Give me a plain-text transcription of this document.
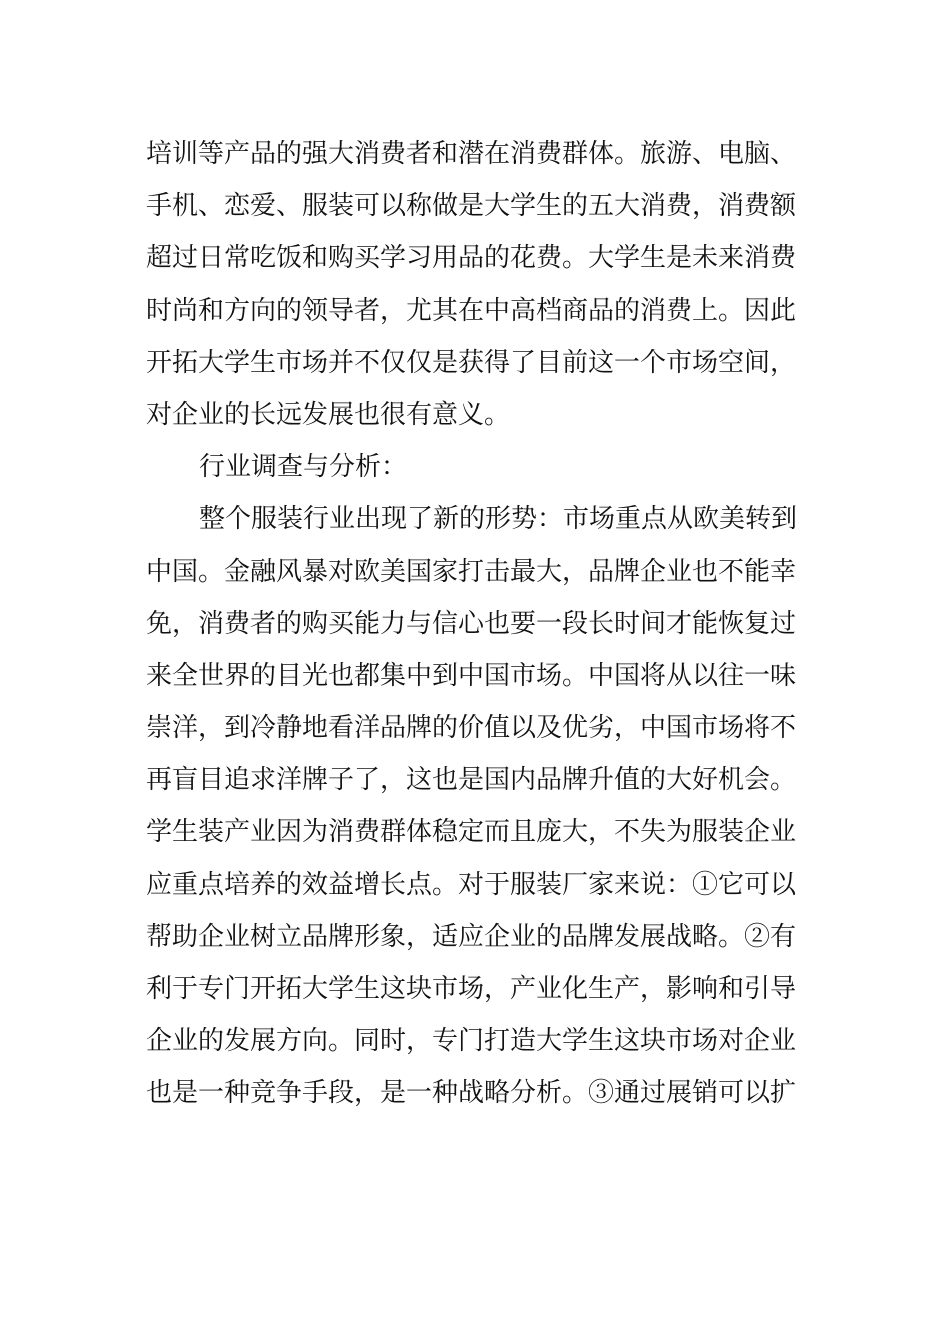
培训等产品的强大消费者和潜在消费群体。旅游、电脑、
手机、恋爱、服装可以称做是大学生的五大消费，消费额
超过日常吃饭和购买学习用品的花费。大学生是未来消费
时尚和方向的领导者，尤其在中高档商品的消费上。因此
开拓大学生市场并不仅仅是获得了目前这一个市场空间，
对企业的长远发展也很有意义。
行业调查与分析：
整个服装行业出现了新的形势：市场重点从欧美转到
中国。金融风暴对欧美国家打击最大，品牌企业也不能幸
免，消费者的购买能力与信心也要一段长时间才能恢复过
来全世界的目光也都集中到中国市场。中国将从以往一味
崇洋，到冷静地看洋品牌的价值以及优劣，中国市场将不
再盲目追求洋牌子了，这也是国内品牌升值的大好机会。
学生装产业因为消费群体稳定而且庞大，不失为服装企业
应重点培养的效益增长点。对于服装厂家来说：①它可以
帮助企业树立品牌形象，适应企业的品牌发展战略。②有
利于专门开拓大学生这块市场，产业化生产，影响和引导
企业的发展方向。同时，专门打造大学生这块市场对企业
也是一种竞争手段，是一种战略分析。③通过展销可以扩
